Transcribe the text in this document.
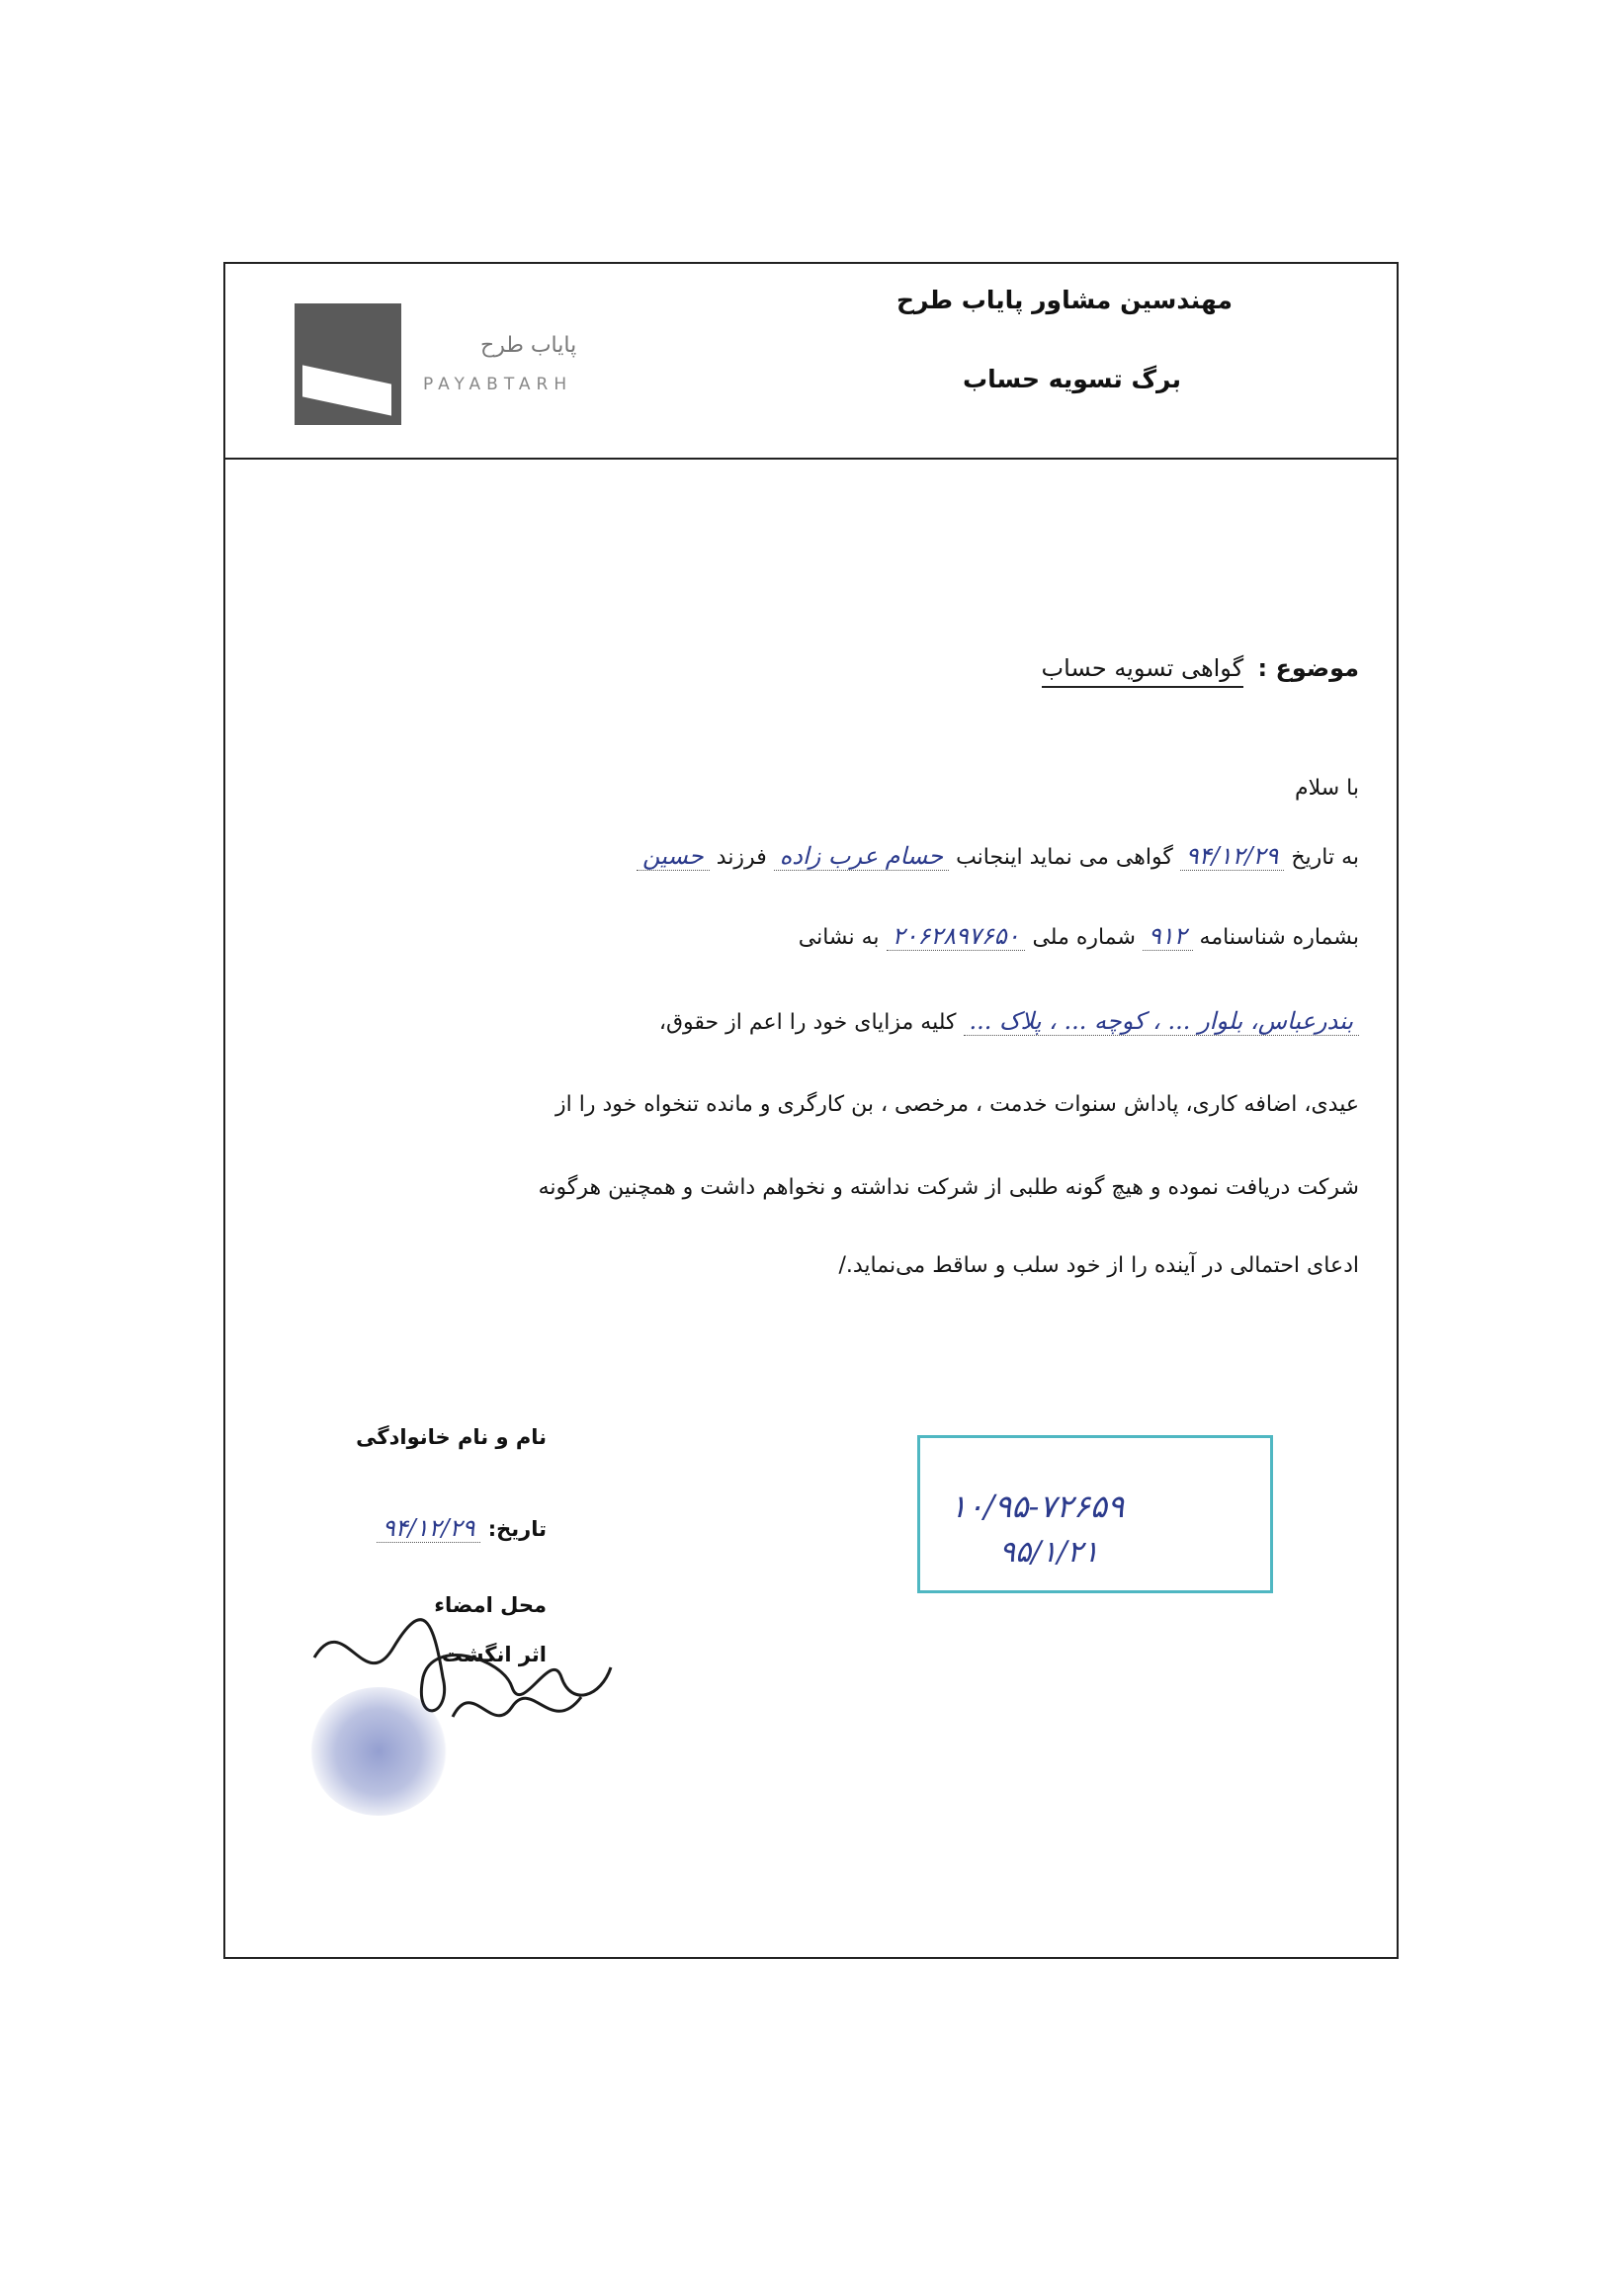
مهندسین مشاور پایاب طرح
برگ تسویه حساب
پایاب طرح
PAYABTARH
موضوع : گواهی تسویه حساب
با سلام
به تاریخ ۹۴/۱۲/۲۹ گواهی می نماید اینجانب حسام عرب زاده فرزند حسین
بشماره شناسنامه ۹۱۲ شماره ملی ۲۰۶۲۸۹۷۶۵۰ به نشانی
بندرعباس، بلوار ... ، کوچه ... ، پلاک ... کلیه مزایای خود را اعم از حقوق،
عیدی، اضافه کاری، پاداش سنوات خدمت ، مرخصی ، بن کارگری و مانده تنخواه خود را از
شرکت دریافت نموده و هیچ گونه طلبی از شرکت نداشته و نخواهم داشت و همچنین هرگونه
ادعای احتمالی در آینده را از خود سلب و ساقط می‌نماید./
نام و نام خانوادگی
تاریخ: ۹۴/۱۲/۲۹
محل امضاء
اثر انگشت
۱۰/۹۵-۷۲۶۵۹
۹۵/۱/۲۱
